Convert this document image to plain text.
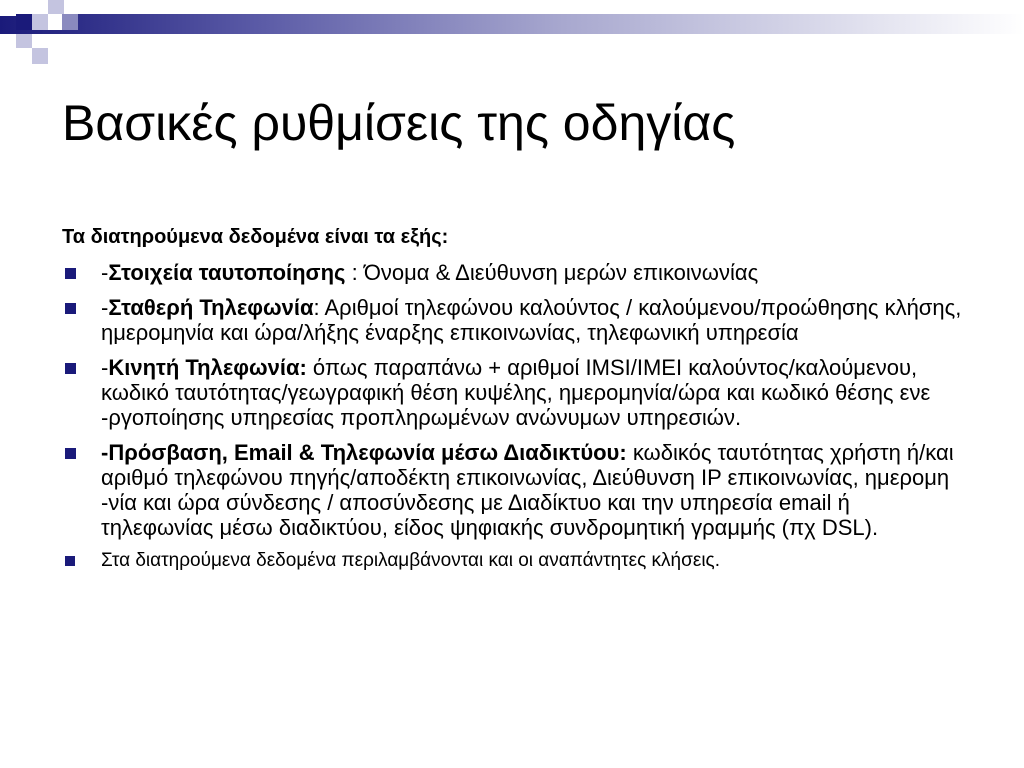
Βασικές ρυθμίσεις της οδηγίας

Τα διατηρούμενα δεδομένα είναι τα εξής:

-Στοιχεία ταυτοποίησης : Όνομα & Διεύθυνση μερών επικοινωνίας
-Σταθερή Τηλεφωνία: Αριθμοί τηλεφώνου καλούντος / καλούμενου/προώθησης κλήσης, ημερομηνία και ώρα/λήξης έναρξης επικοινωνίας, τηλεφωνική υπηρεσία
-Κινητή Τηλεφωνία: όπως παραπάνω + αριθμοί IMSI/IMEI καλούντος/καλούμενου, κωδικό ταυτότητας/γεωγραφική θέση κυψέλης, ημερομηνία/ώρα και κωδικό θέσης ενε -ργοποίησης υπηρεσίας προπληρωμένων ανώνυμων υπηρεσιών.
-Πρόσβαση, Email & Τηλεφωνία μέσω Διαδικτύου: κωδικός ταυτότητας χρήστη ή/και αριθμό τηλεφώνου πηγής/αποδέκτη επικοινωνίας, Διεύθυνση IP επικοινωνίας, ημερομη -νία και ώρα σύνδεσης / αποσύνδεσης με Διαδίκτυο και την υπηρεσία email ή τηλεφωνίας μέσω διαδικτύου, είδος ψηφιακής συνδρομητική γραμμής (πχ DSL).
Στα διατηρούμενα δεδομένα περιλαμβάνονται και οι αναπάντητες κλήσεις.
